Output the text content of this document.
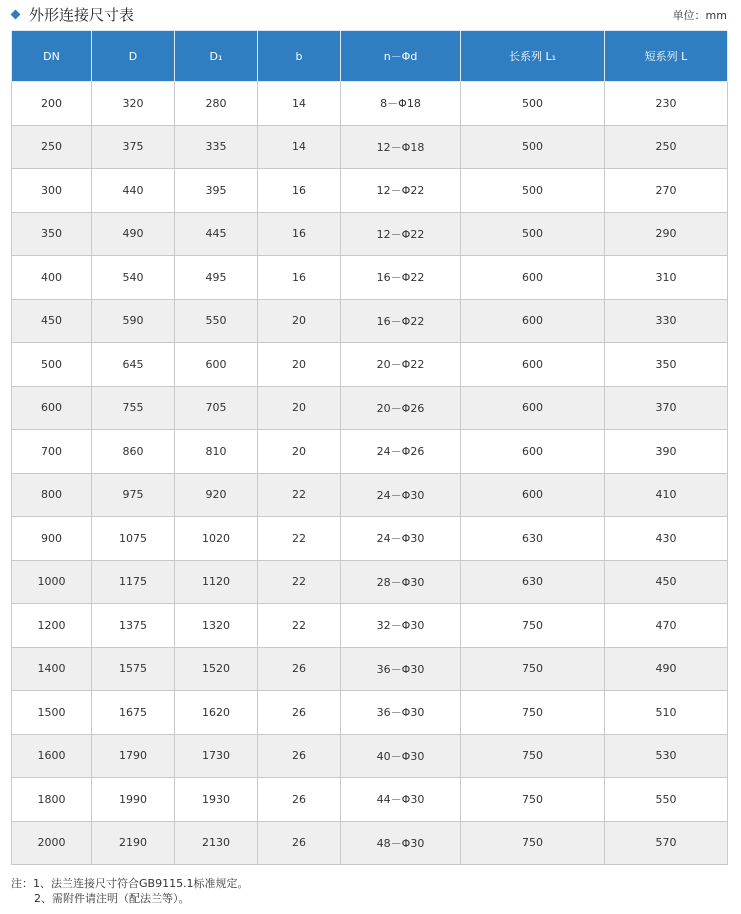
外形连接尺寸表	单位：mm
DN	D	D₁	b	n－Φd	长系列 L₁	短系列 L
200	320	280	14	8－Φ18	500	230
250	375	335	14	12－Φ18	500	250
300	440	395	16	12－Φ22	500	270
350	490	445	16	12－Φ22	500	290
400	540	495	16	16－Φ22	600	310
450	590	550	20	16－Φ22	600	330
500	645	600	20	20－Φ22	600	350
600	755	705	20	20－Φ26	600	370
700	860	810	20	24－Φ26	600	390
800	975	920	22	24－Φ30	600	410
900	1075	1020	22	24－Φ30	630	430
1000	1175	1120	22	28－Φ30	630	450
1200	1375	1320	22	32－Φ30	750	470
1400	1575	1520	26	36－Φ30	750	490
1500	1675	1620	26	36－Φ30	750	510
1600	1790	1730	26	40－Φ30	750	530
1800	1990	1930	26	44－Φ30	750	550
2000	2190	2130	26	48－Φ30	750	570
注：1、法兰连接尺寸符合GB9115.1标准规定。
2、需附件请注明（配法兰等）。
